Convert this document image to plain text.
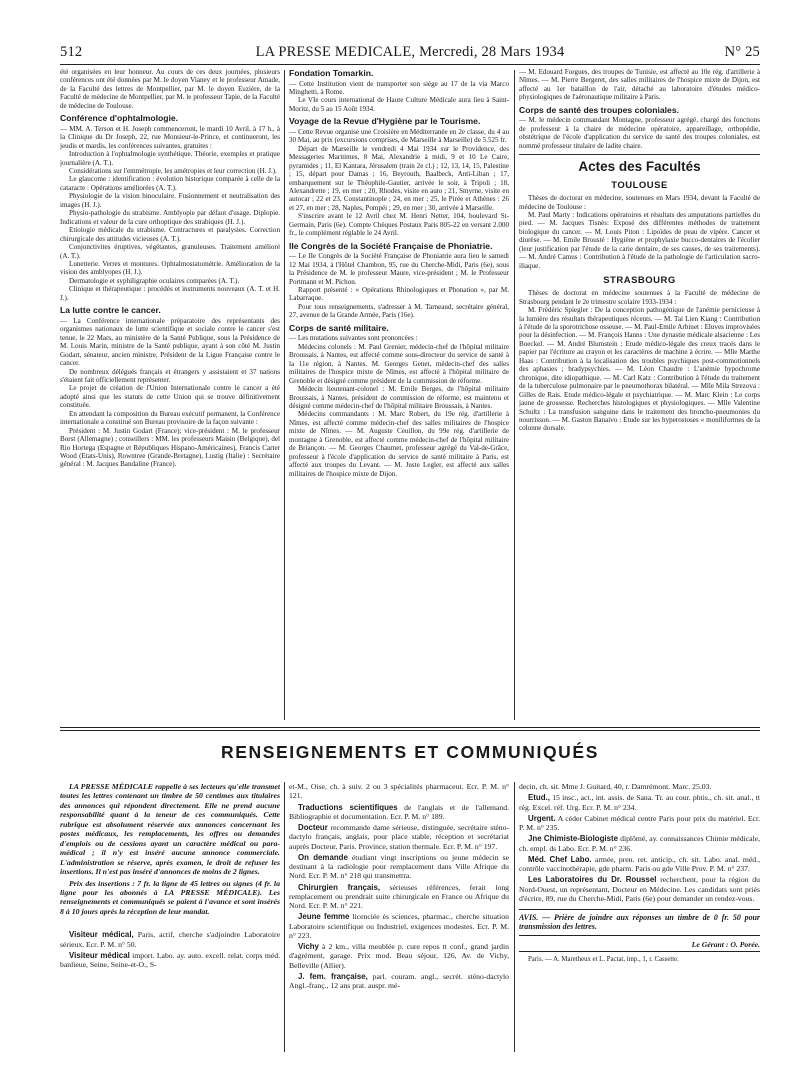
512	LA PRESSE MEDICALE, Mercredi, 28 Mars 1934	N° 25

été organisées en leur honneur. Au cours de ces deux journées, plusieurs conférences ont été données par M. le doyen Vianey et le professeur Amade, de la Faculté des lettres de Montpellier, par M. le doyen Euzière, de la Faculté de médecine de Montpellier, par M. le professeur Tapie, de la Faculté de médecine de Toulouse.

Conférence d'ophtalmologie.

— MM. A. Terson et H. Joseph commenceront, le mardi 10 Avril, à 17 h., à la Clinique du Dr Joseph, 22, rue Monsieur-le-Prince, et continueront, les jeudis et mardis, les conférences suivantes, gratuites :

Introduction à l'ophtalmologie synthétique. Théorie, exemples et pratique journalière (A. T.).

Considérations sur l'emmétropie, les amétropies et leur correction (H. J.).

Le glaucome : identification : évolution historique comparée à celle de la cataracte : Opérations améliorées (A. T.).

Physiologie de la vision binoculaire. Fusionnement et neutralisation des images (H. J.).

Physio-pathologie du strabisme. Amblyopie par défaut d'usage. Diplopie. Indications et valeur de la cure orthoptique des strabiques (H. J.).

Etiologie médicale du strabisme. Contractures et paralysies. Correction chirurgicale des attitudes vicieuses (A. T.).

Conjonctivites éruptives, végétantes, granuleuses. Traitement amélioré (A. T.).

Lunetterie. Verres et montures. Ophtalmostatométrie. Amélioration de la vision des amblyopes (H. J.).

Dermatologie et syphiligraphie oculaires comparées (A. T.).

Clinique et thérapeutique : procédés et instruments nouveaux (A. T. et H. J.).

La lutte contre le cancer.

— La Conférence internationale préparatoire des représentants des organismes nationaux de lutte scientifique et sociale contre le cancer s'est tenue, le 22 Mars, au ministère de la Santé Publique, sous la Présidence de M. Louis Marin, ministre de la Santé publique, ayant à son côté M. Justin Godart, sénateur, ancien ministre, Président de la Ligue Française contre le cancer.

De nombreux délégués français et étrangers y assistaient et 37 nations s'étaient fait officiellement représenter.

Le projet de création de l'Union Internationale contre le cancer a été adopté ainsi que les statuts de cette Union qui se trouve définitivement constituée.

En attendant la composition du Bureau exécutif permanent, la Conférence internationale a constitué son Bureau provisoire de la façon suivante :

Président : M. Justin Godart (France); vice-président : M. le professeur Borst (Allemagne) ; conseillers : MM. les professeurs Maisin (Belgique), del Rio Hortega (Espagne et Républiques Hispano-Américaines), Francis Carter Wood (Etats-Unis), Rowntree (Grande-Bretagne), Lustig (Italie) : Secrétaire général : M. Jacques Bandaline (France).

Fondation Tomarkin.

— Cette Institution vient de transporter son siège au 17 de la via Marco Minghetti, à Rome.

Le VIe cours international de Haute Culture Médicale aura lieu à Saint-Moritz, du 5 au 15 Août 1934.

Voyage de la Revue d'Hygiène par le Tourisme.

— Cette Revue organise une Croisière en Méditerranée en 2e classe, du 4 au 30 Mai, au prix (excursions comprises, de Marseille à Marseille) de 5.525 fr.

Départ de Marseille le vendredi 4 Mai 1934 sur le Providence, des Messageries Maritimes, 8 Mai, Alexandrie à midi, 9 et 10 Le Caire, pyramides ; 11, El Kantara, Jérusalem (train 2e cl.) ; 12, 13, 14, 15, Palestine ; 15, départ pour Damas ; 16, Beyrouth, Baalbeck, Anti-Liban ; 17, embarquement sur le Théophile-Gautier, arrivée le soir, à Tripoli ; 18, Alexandrette ; 19, en mer ; 20, Rhodes, visite en auto ; 21, Smyrne, visite en autocar ; 22 et 23, Constantinople ; 24, en mer ; 25, le Pirée et Athènes : 26 et 27, en mer ; 28, Naples, Pompéi ; 29, en mer ; 30, arrivée à Marseille.

S'inscrire avant le 12 Avril chez M. Henri Netter, 104, boulevard St-Germain, Paris (6e). Compte Chèques Postaux Paris 805-22 en versant 2.000 fr., le complément réglable le 24 Avril.

IIe Congrès de la Société Française de Phoniatrie.

— Le IIe Congrès de la Société Française de Phoniatrie aura lieu le samedi 12 Mai 1934, à l'Hôtel Chambon, 95, rue du Cherche-Midi, Paris (6e), sous la Présidence de M. le professeur Maure, vice-président ; M. le Professeur Portmann et M. Pichon.

Rapport présenté : « Opérations Rhinologiques et Phonation », par M. Labarraque.

Pour tous renseignements, s'adresser à M. Tarneaud, secrétaire général, 27, avenue de la Grande Armée, Paris (16e).

Corps de santé militaire.

— Les mutations suivantes sont prononcées :

Médecins colonels : M. Paul Grenier, médecin-chef de l'hôpital militaire Broussais, à Nantes, est affecté comme sous-directeur du service de santé à la 11e région, à Nantes. M. Georges Genet, médecin-chef des salles militaires de l'hospice mixte de Nîmes, est affecté à l'hôpital militaire de Grenoble et désigné comme président de la commission de réforme.

Médecin lieutenant-colonel : M. Emile Berges, de l'hôpital militaire Broussais, à Nantes, président de commission de réforme, est maintenu et désigné comme médecin-chef de l'hôpital militaire Broussais, à Nantes.

Médecins commandants : M. Marc Robert, du 19e rég. d'artillerie à Nîmes, est affecté comme médecin-chef des salles militaires de l'hospice mixte de Nîmes. — M. Auguste Ceuillon, du 99e rég. d'artillerie de montagne à Grenoble, est affecté comme médecin-chef de l'hôpital militaire de Briançon. — M. Georges Chaumet, professeur agrégé du Val-de-Grâce, professeur à l'école d'application du service de santé militaire à Paris, est affecté aux troupes du Levant. — M. Juste Legler, est affecté aux salles militaires de l'hospice mixte de Dijon.

— M. Edouard Forgues, des troupes de Tunisie, est affecté au 10e rég. d'artillerie à Nîmes. — M. Pierre Bergeret, des salles militaires de l'hospice mixte de Dijon, est affecté au 1er bataillon de l'air, détaché au laboratoire d'études médico-physiologiques de l'aéronautique militaire à Paris.

Corps de santé des troupes coloniales.

— M. le médecin commandant Montagne, professeur agrégé, chargé des fonctions de professeur à la chaire de médecine opératoire, appareillage, orthopédie, obstétrique de l'école d'application du service de santé des troupes coloniales, est nommé professeur titulaire de ladite chaire.

Actes des Facultés
TOULOUSE

Thèses de doctorat en médecine, soutenues en Mars 1934, devant la Faculté de médecine de Toulouse :

M. Paul Marty : Indications opératoires et résultats des amputations partielles du pied. — M. Jacques Tisnès: Exposé des différentes méthodes de traitement biologique du cancer. — M. Louis Piton : Lipoïdes de peau de vipère. Cancer et diurèse. — M. Emile Brousté : Hygiène et prophylaxie bucco-dentaires de l'écolier (leur justification par l'étude de la carie dentaire, de ses causes, de ses traitements). — M. André Camus : Contribution à l'étude de la pathologie de l'articulation sacro-iliaque.

STRASBOURG

Thèses de doctorat en médecine soutenues à la Faculté de médecine de Strasbourg pendant le 2e trimestre scolaire 1933-1934 :

M. Frédéric Spiegler : De la conception pathogénique de l'anémie pernicieuse à la lumière des résultats thérapeutiques récents. — M. Tai Lien Kiang : Contribution à l'étude de la sporotrichose osseuse. — M. Paul-Emile Arbinet : Eluves improvisées pour la désinfection. — M. François Hanns : Une dynastie médicale alsacienne : Les Boeckel. — M. André Blumstein : Etude médico-légale des creux tracés dans le papier par l'écriture au crayon et les caractères de machine à écrire. — Mlle Marthe Haas : Contribution à la localisation des troubles psychiques post-commotionnels des aphasies ; bradypsychies. — M. Léon Chaudre : L'anémie hypochrome chronique, dite idiopathique. — M. Carl Katz : Contribution à l'étude du traitement de la tuberculose pulmonaire par le pneumothorax bilatéral. — Mlle Mila Strezova : Gilles de Rais. Etude médico-légale et psychiatrique. — M. Marc Klein : Le corps jaune de grossesse. Recherches histologiques et physiologiques. — Mlle Valentine Schultz : La transfusion sanguine dans le traitement des broncho-pneumonies du nourrisson. — M. Gaston Banaivo : Etude sur les hyperostoses « moniliformes de la colonne dorsale.

RENSEIGNEMENTS ET COMMUNIQUÉS

LA PRESSE MÉDICALE rappelle à ses lecteurs qu'elle transmet toutes les lettres contenant un timbre de 50 centimes aux titulaires des annonces qui répondent directement. Elle ne prend aucune responsabilité quant à la teneur de ces communiqués. Cette rubrique est absolument réservée aux annonces concernant les postes médicaux, les remplacements, les offres ou demandes d'emplois ou de cessions ayant un caractère médical ou para-médical ; il n'y est inséré aucune annonce commerciale. L'administration se réserve, après examen, le droit de refuser les insertions. Il n'est pas inséré d'annonces de moins de 2 lignes.

Prix des insertions : 7 fr. la ligne de 45 lettres ou signes (4 fr. la ligne pour les abonnés à LA PRESSE MÉDICALE). Les renseignements et communiqués se paient à l'avance et sont insérés 8 à 10 jours après la réception de leur mandat.

Visiteur médical, Paris, actif, cherche s'adjoindre Laboratoire sérieux. Ecr. P. M. n° 50.

Visiteur médical import. Labo. ay. auto. excell. relat. corps méd. banlieue, Seine, Seine-et-O., S-

et-M., Oise, ch. à suiv. 2 ou 3 spécialités pharmaceut. Ecr. P. M. n° 121.

Traductions scientifiques de l'anglais et de l'allemand. Bibliographie et documentation. Ecr. P. M. n° 189.

Docteur recommande dame sérieuse, distinguée, secrétaire sténo-dactylo français, anglais, pour place stable, réception et secrétariat auprès Docteur, Paris. Province, station thermale. Ecr. P. M. n° 197.

On demande étudiant vingt inscriptions ou jeune médecin se destinant à la radiologie pour remplacement dans Ville Afrique du Nord. Ecr. P. M. n° 218 qui transmettra.

Chirurgien français, sérieuses références, ferait long remplacement ou prendrait suite chirurgicale en France ou Afrique du Nord. Ecr. P. M. n° 221.

Jeune femme licenciée ès sciences, pharmac., cherche situation Laboratoire scientifique ou Industriel, exigences modestes. Ecr. P. M. n° 223.

Vichy à 2 km., villa meublée p. cure repos tt conf., grand jardin d'agrément, garage. Prix mod. Beau séjour, 126, Av. de Vichy, Belleville (Allier).

J. fem. française, parl. couram. angl., secrét. sténo-dactylo Angl.-franç., 12 ans prat. auspr. mé-

decin, ch. sit. Mme J. Guitard, 40, r. Damrémont. Marc. 25.03.

Etud., 15 insc., act., int. assis. de Sana. Tr. au cour. phtis., ch. sit. anal., tt rég. Excel. réf. Urg. Ecr. P. M. n° 234.

Urgent. A céder Cabinet médical centre Paris pour prix du matériel. Ecr. P. M. n° 235.

Jne Chimiste-Biologiste diplômé, ay. connaissances Chimie médicale, ch. empl. ds Labo. Ecr. P. M. n° 236.

Méd. Chef Labo. armée, pren. ret. anticip., ch. sit. Labo. anal. méd., contrôle vaccinothérapie, gde pharm. Paris ou gde Ville Prov. P. M. n° 237.

Les Laboratoires du Dr. Roussel recherchent, pour la région du Nord-Ouest, un représentant, Docteur en Médecine. Les candidats sont priés d'écrire, 89, rue du Cherche-Midi, Paris (6e) pour demander un rendez-vous.

AVIS. — Prière de joindre aux réponses un timbre de 0 fr. 50 pour transmission des lettres.

Le Gérant : O. Porée.

Paris. — A. Maretheux et L. Pactat, imp., 1, r. Cassette.
